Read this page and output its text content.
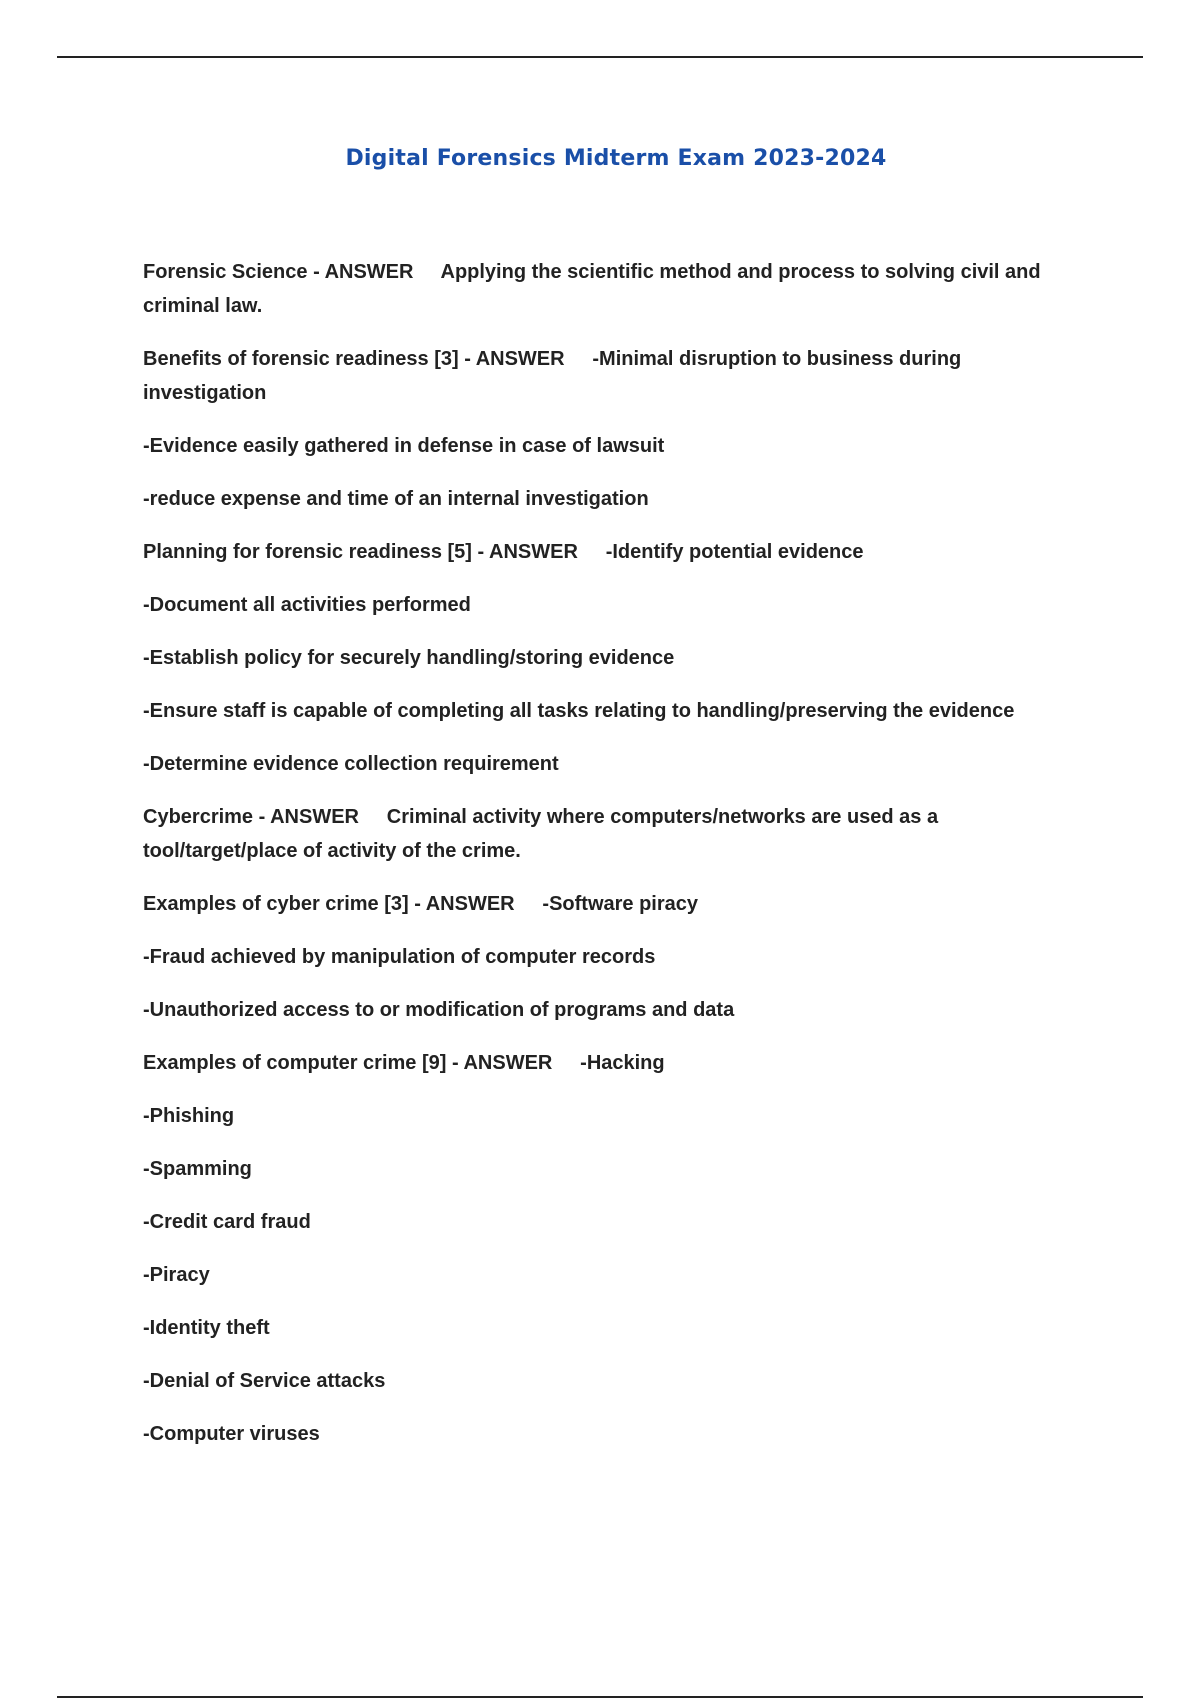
Digital Forensics Midterm Exam 2023-2024

Forensic Science - ANSWER Applying the scientific method and process to solving civil and criminal law.

Benefits of forensic readiness [3] - ANSWER -Minimal disruption to business during investigation

-Evidence easily gathered in defense in case of lawsuit

-reduce expense and time of an internal investigation

Planning for forensic readiness [5] - ANSWER -Identify potential evidence

-Document all activities performed

-Establish policy for securely handling/storing evidence

-Ensure staff is capable of completing all tasks relating to handling/preserving the evidence

-Determine evidence collection requirement

Cybercrime - ANSWER Criminal activity where computers/networks are used as a tool/target/place of activity of the crime.

Examples of cyber crime [3] - ANSWER -Software piracy

-Fraud achieved by manipulation of computer records

-Unauthorized access to or modification of programs and data

Examples of computer crime [9] - ANSWER -Hacking

-Phishing

-Spamming

-Credit card fraud

-Piracy

-Identity theft

-Denial of Service attacks

-Computer viruses
